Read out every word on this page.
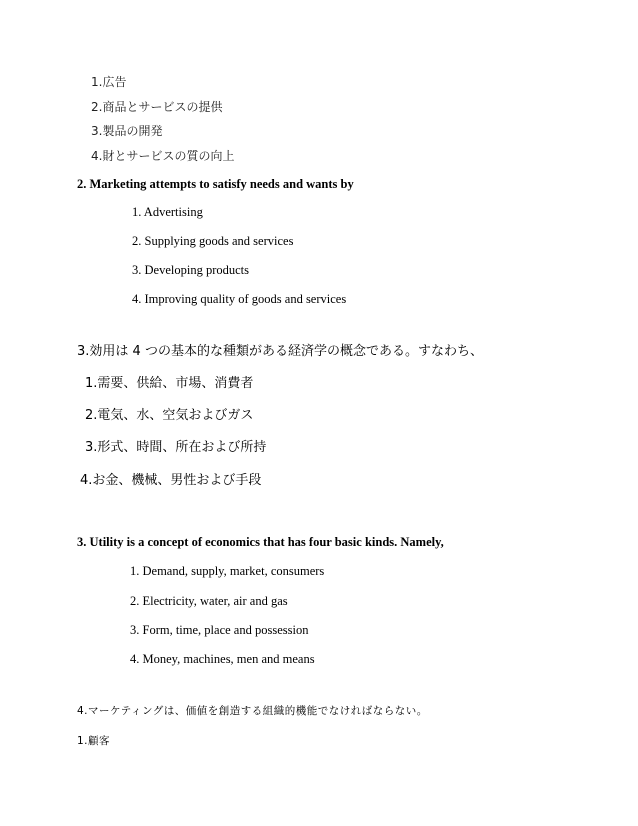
1.広告
2.商品とサービスの提供
3.製品の開発
4.財とサービスの質の向上
2. Marketing attempts to satisfy needs and wants by
1. Advertising
2. Supplying goods and services
3. Developing products
4. Improving quality of goods and services
3.効用は 4 つの基本的な種類がある経済学の概念である。すなわち、
1.需要、供給、市場、消費者
2.電気、水、空気およびガス
3.形式、時間、所在および所持
4.お金、機械、男性および手段
3. Utility is a concept of economics that has four basic kinds. Namely,
1. Demand, supply, market, consumers
2. Electricity, water, air and gas
3. Form, time, place and possession
4. Money, machines, men and means
4.マーケティングは、価値を創造する組織的機能でなければならない。
1.顧客
